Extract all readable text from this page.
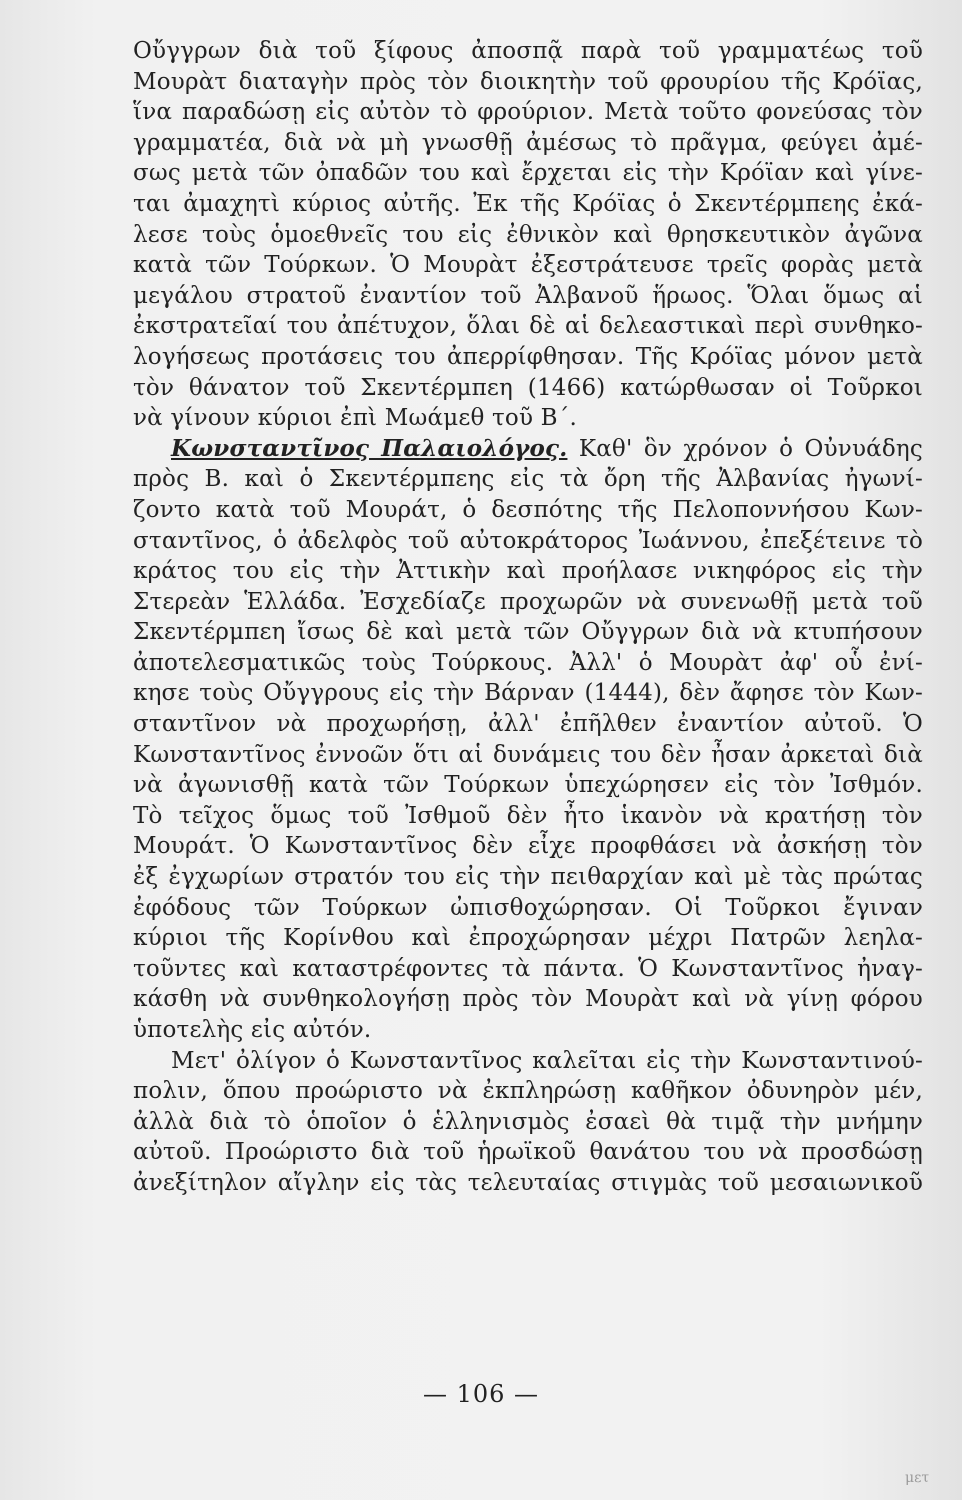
Οὔγγρων διὰ τοῦ ξίφους ἀποσπᾷ παρὰ τοῦ γραμματέως τοῦ
Μουρὰτ διαταγὴν πρὸς τὸν διοικητὴν τοῦ φρουρίου τῆς Κρόϊας,
ἵνα παραδώσῃ εἰς αὐτὸν τὸ φρούριον. Μετὰ τοῦτο φονεύσας τὸν
γραμματέα, διὰ νὰ μὴ γνωσθῇ ἀμέσως τὸ πρᾶγμα, φεύγει ἀμέ-
σως μετὰ τῶν ὀπαδῶν του καὶ ἔρχεται εἰς τὴν Κρόϊαν καὶ γίνε-
ται ἀμαχητὶ κύριος αὐτῆς. Ἐκ τῆς Κρόϊας ὁ Σκεντέρμπεης ἐκά-
λεσε τοὺς ὁμοεθνεῖς του εἰς ἐθνικὸν καὶ θρησκευτικὸν ἀγῶνα
κατὰ τῶν Τούρκων. Ὁ Μουρὰτ ἐξεστράτευσε τρεῖς φορὰς μετὰ
μεγάλου στρατοῦ ἐναντίον τοῦ Ἀλβανοῦ ἥρωος. Ὅλαι ὅμως αἱ
ἐκστρατεῖαί του ἀπέτυχον, ὅλαι δὲ αἱ δελεαστικαὶ περὶ συνθηκο-
λογήσεως προτάσεις του ἀπερρίφθησαν. Τῆς Κρόϊας μόνον μετὰ
τὸν θάνατον τοῦ Σκεντέρμπεη (1466) κατώρθωσαν οἱ Τοῦρκοι
νὰ γίνουν κύριοι ἐπὶ Μωάμεθ τοῦ Β΄.
Κωνσταντῖνος Παλαιολόγος. Καθ' ὃν χρόνον ὁ Οὐνυάδης
πρὸς Β. καὶ ὁ Σκεντέρμπεης εἰς τὰ ὄρη τῆς Ἀλβανίας ἠγωνί-
ζοντο κατὰ τοῦ Μουράτ, ὁ δεσπότης τῆς Πελοποννήσου Κων-
σταντῖνος, ὁ ἀδελφὸς τοῦ αὐτοκράτορος Ἰωάννου, ἐπεξέτεινε τὸ
κράτος του εἰς τὴν Ἀττικὴν καὶ προήλασε νικηφόρος εἰς τὴν
Στερεὰν Ἑλλάδα. Ἐσχεδίαζε προχωρῶν νὰ συνενωθῇ μετὰ τοῦ
Σκεντέρμπεη ἴσως δὲ καὶ μετὰ τῶν Οὔγγρων διὰ νὰ κτυπήσουν
ἀποτελεσματικῶς τοὺς Τούρκους. Ἀλλ' ὁ Μουρὰτ ἀφ' οὗ ἐνί-
κησε τοὺς Οὔγγρους εἰς τὴν Βάρναν (1444), δὲν ἄφησε τὸν Κων-
σταντῖνον νὰ προχωρήσῃ, ἀλλ' ἐπῆλθεν ἐναντίον αὐτοῦ. Ὁ
Κωνσταντῖνος ἐννοῶν ὅτι αἱ δυνάμεις του δὲν ἦσαν ἀρκεταὶ διὰ
νὰ ἀγωνισθῇ κατὰ τῶν Τούρκων ὑπεχώρησεν εἰς τὸν Ἰσθμόν.
Τὸ τεῖχος ὅμως τοῦ Ἰσθμοῦ δὲν ἦτο ἱκανὸν νὰ κρατήσῃ τὸν
Μουράτ. Ὁ Κωνσταντῖνος δὲν εἶχε προφθάσει νὰ ἀσκήσῃ τὸν
ἐξ ἐγχωρίων στρατόν του εἰς τὴν πειθαρχίαν καὶ μὲ τὰς πρώτας
ἐφόδους τῶν Τούρκων ὠπισθοχώρησαν. Οἱ Τοῦρκοι ἔγιναν
κύριοι τῆς Κορίνθου καὶ ἐπροχώρησαν μέχρι Πατρῶν λεηλα-
τοῦντες καὶ καταστρέφοντες τὰ πάντα. Ὁ Κωνσταντῖνος ἠναγ-
κάσθη νὰ συνθηκολογήσῃ πρὸς τὸν Μουρὰτ καὶ νὰ γίνῃ φόρου
ὑποτελὴς εἰς αὐτόν.
Μετ' ὀλίγον ὁ Κωνσταντῖνος καλεῖται εἰς τὴν Κωνσταντινού-
πολιν, ὅπου προώριστο νὰ ἐκπληρώσῃ καθῆκον ὀδυνηρὸν μέν,
ἀλλὰ διὰ τὸ ὁποῖον ὁ ἑλληνισμὸς ἐσαεὶ θὰ τιμᾷ τὴν μνήμην
αὐτοῦ. Προώριστο διὰ τοῦ ἡρωϊκοῦ θανάτου του νὰ προσδώσῃ
ἀνεξίτηλον αἴγλην εἰς τὰς τελευταίας στιγμὰς τοῦ μεσαιωνικοῦ
— 106 —
μετ
